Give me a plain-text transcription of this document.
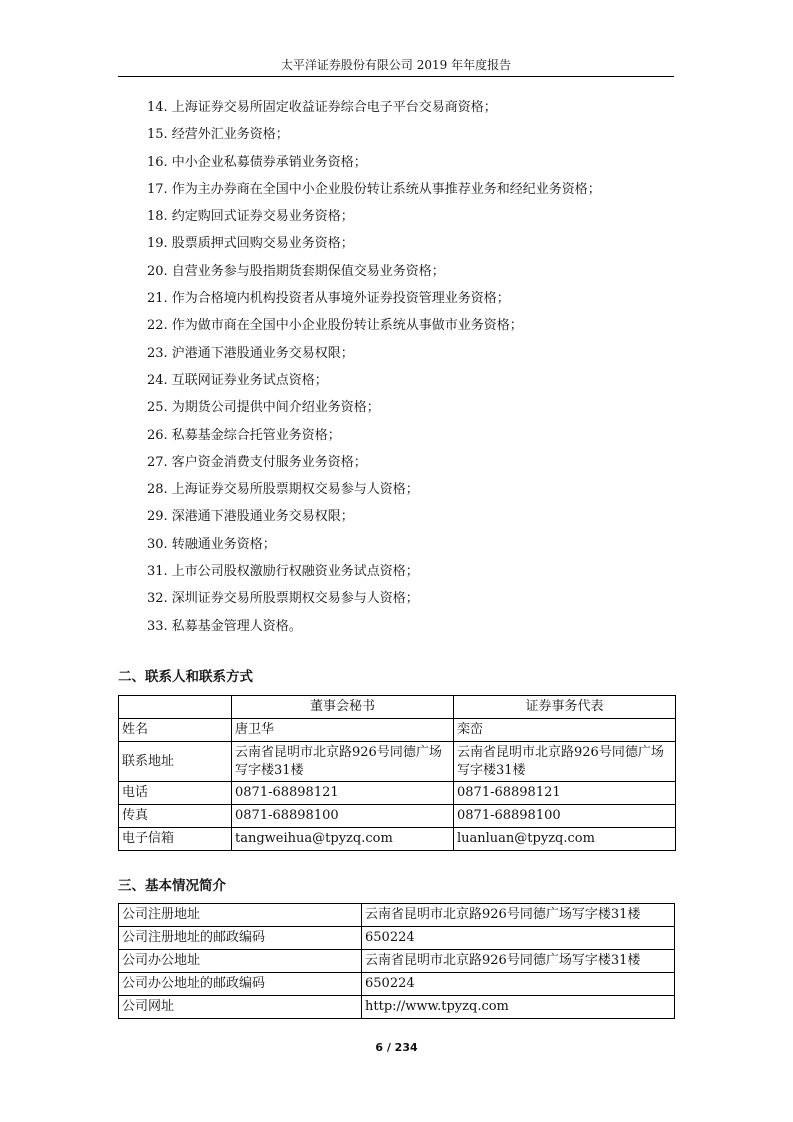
太平洋证券股份有限公司 2019 年年度报告
14. 上海证券交易所固定收益证券综合电子平台交易商资格；
15. 经营外汇业务资格；
16. 中小企业私募债券承销业务资格；
17. 作为主办券商在全国中小企业股份转让系统从事推荐业务和经纪业务资格；
18. 约定购回式证券交易业务资格；
19. 股票质押式回购交易业务资格；
20. 自营业务参与股指期货套期保值交易业务资格；
21. 作为合格境内机构投资者从事境外证券投资管理业务资格；
22. 作为做市商在全国中小企业股份转让系统从事做市业务资格；
23. 沪港通下港股通业务交易权限；
24. 互联网证券业务试点资格；
25. 为期货公司提供中间介绍业务资格；
26. 私募基金综合托管业务资格；
27. 客户资金消费支付服务业务资格；
28. 上海证券交易所股票期权交易参与人资格；
29. 深港通下港股通业务交易权限；
30. 转融通业务资格；
31. 上市公司股权激励行权融资业务试点资格；
32. 深圳证券交易所股票期权交易参与人资格；
33. 私募基金管理人资格。
二、联系人和联系方式
	董事会秘书	证券事务代表
姓名	唐卫华	栾峦
联系地址	云南省昆明市北京路926号同德广场写字楼31楼	云南省昆明市北京路926号同德广场写字楼31楼
电话	0871-68898121	0871-68898121
传真	0871-68898100	0871-68898100
电子信箱	tangweihua@tpyzq.com	luanluan@tpyzq.com
三、基本情况简介
公司注册地址	云南省昆明市北京路926号同德广场写字楼31楼
公司注册地址的邮政编码	650224
公司办公地址	云南省昆明市北京路926号同德广场写字楼31楼
公司办公地址的邮政编码	650224
公司网址	http://www.tpyzq.com
6 / 234
